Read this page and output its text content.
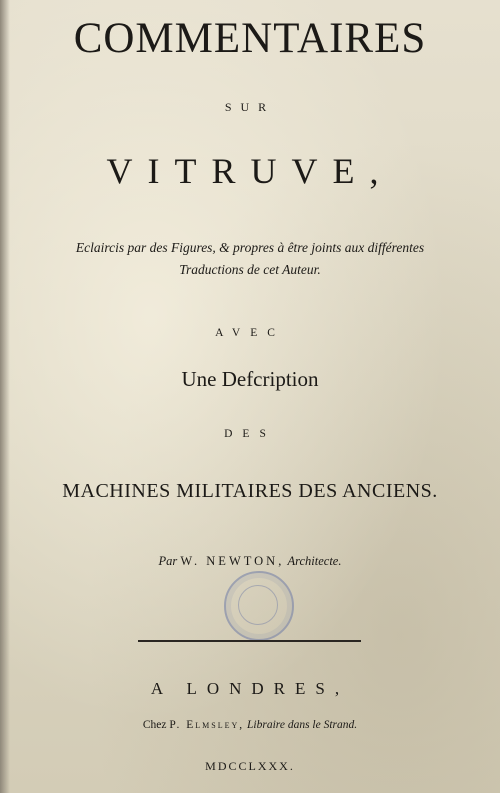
COMMENTAIRES
SUR
VITRUVE,
Eclaircis par des Figures, & propres à être joints aux différentes
Traductions de cet Auteur.
AVEC
Une Defcription
DES
MACHINES MILITAIRES DES ANCIENS.
Par W. NEWTON, Architecte.
A LONDRES,
Chez P. Elmsley, Libraire dans le Strand.
MDCCLXXX.
